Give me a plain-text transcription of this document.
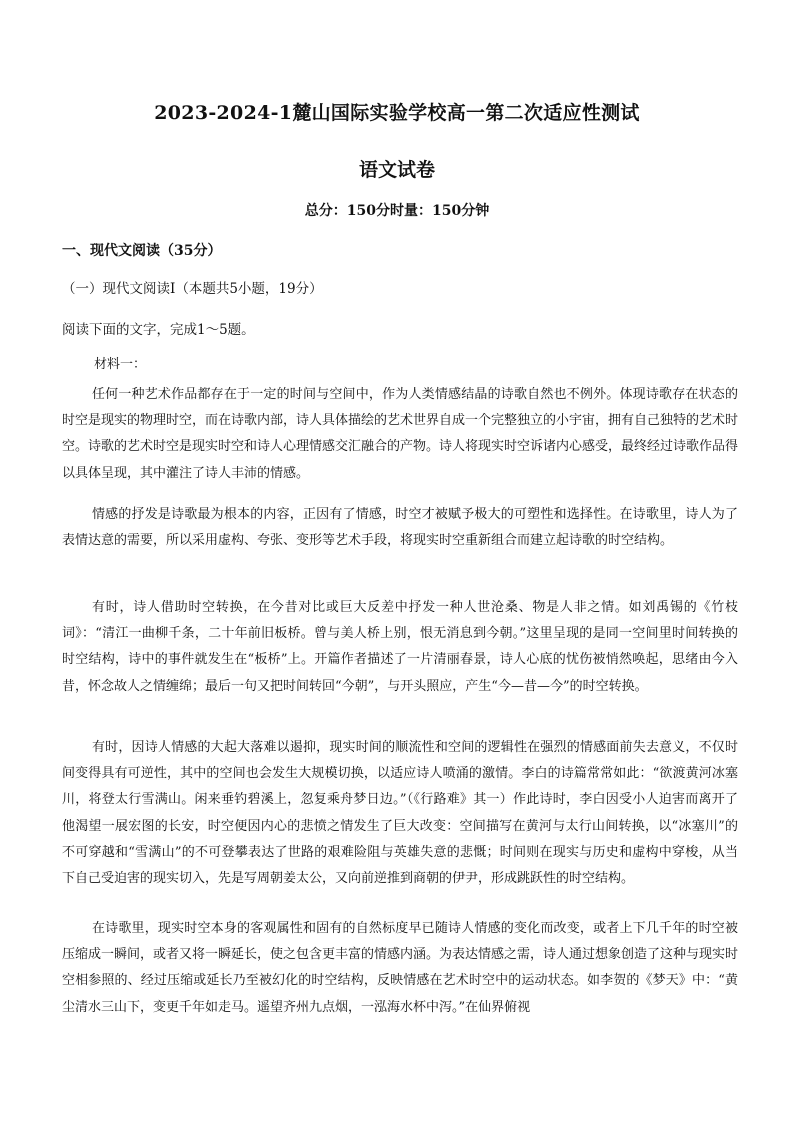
2023-2024-1麓山国际实验学校高一第二次适应性测试
语文试卷
总分：150分时量：150分钟
一、现代文阅读（35分）
（一）现代文阅读Ⅰ（本题共5小题，19分）
阅读下面的文字，完成1～5题。
材料一：

任何一种艺术作品都存在于一定的时间与空间中，作为人类情感结晶的诗歌自然也不例外。体现诗歌存在状态的时空是现实的物理时空，而在诗歌内部，诗人具体描绘的艺术世界自成一个完整独立的小宇宙，拥有自己独特的艺术时空。诗歌的艺术时空是现实时空和诗人心理情感交汇融合的产物。诗人将现实时空诉诸内心感受，最终经过诗歌作品得以具体呈现，其中灌注了诗人丰沛的情感。

情感的抒发是诗歌最为根本的内容，正因有了情感，时空才被赋予极大的可塑性和选择性。在诗歌里，诗人为了表情达意的需要，所以采用虚构、夸张、变形等艺术手段，将现实时空重新组合而建立起诗歌的时空结构。

有时，诗人借助时空转换，在今昔对比或巨大反差中抒发一种人世沧桑、物是人非之情。如刘禹锡的《竹枝词》：“清江一曲柳千条，二十年前旧板桥。曾与美人桥上别，恨无消息到今朝。”这里呈现的是同一空间里时间转换的时空结构，诗中的事件就发生在“板桥”上。开篇作者描述了一片清丽春景，诗人心底的忧伤被悄然唤起，思绪由今入昔，怀念故人之情缠绵；最后一句又把时间转回“今朝”，与开头照应，产生“今—昔—今”的时空转换。

有时，因诗人情感的大起大落难以遏抑，现实时间的顺流性和空间的逻辑性在强烈的情感面前失去意义，不仅时间变得具有可逆性，其中的空间也会发生大规模切换，以适应诗人喷涌的激情。李白的诗篇常常如此：“欲渡黄河冰塞川，将登太行雪满山。闲来垂钓碧溪上，忽复乘舟梦日边。”（《行路难》其一）作此诗时，李白因受小人迫害而离开了他渴望一展宏图的长安，时空便因内心的悲愤之情发生了巨大改变：空间描写在黄河与太行山间转换，以“冰塞川”的不可穿越和“雪满山”的不可登攀表达了世路的艰难险阻与英雄失意的悲慨；时间则在现实与历史和虚构中穿梭，从当下自己受迫害的现实切入，先是写周朝姜太公，又向前逆推到商朝的伊尹，形成跳跃性的时空结构。

在诗歌里，现实时空本身的客观属性和固有的自然标度早已随诗人情感的变化而改变，或者上下几千年的时空被压缩成一瞬间，或者又将一瞬延长，使之包含更丰富的情感内涵。为表达情感之需，诗人通过想象创造了这种与现实时空相参照的、经过压缩或延长乃至被幻化的时空结构，反映情感在艺术时空中的运动状态。如李贺的《梦天》中：“黄尘清水三山下，变更千年如走马。遥望齐州九点烟，一泓海水杯中泻。”在仙界俯视
